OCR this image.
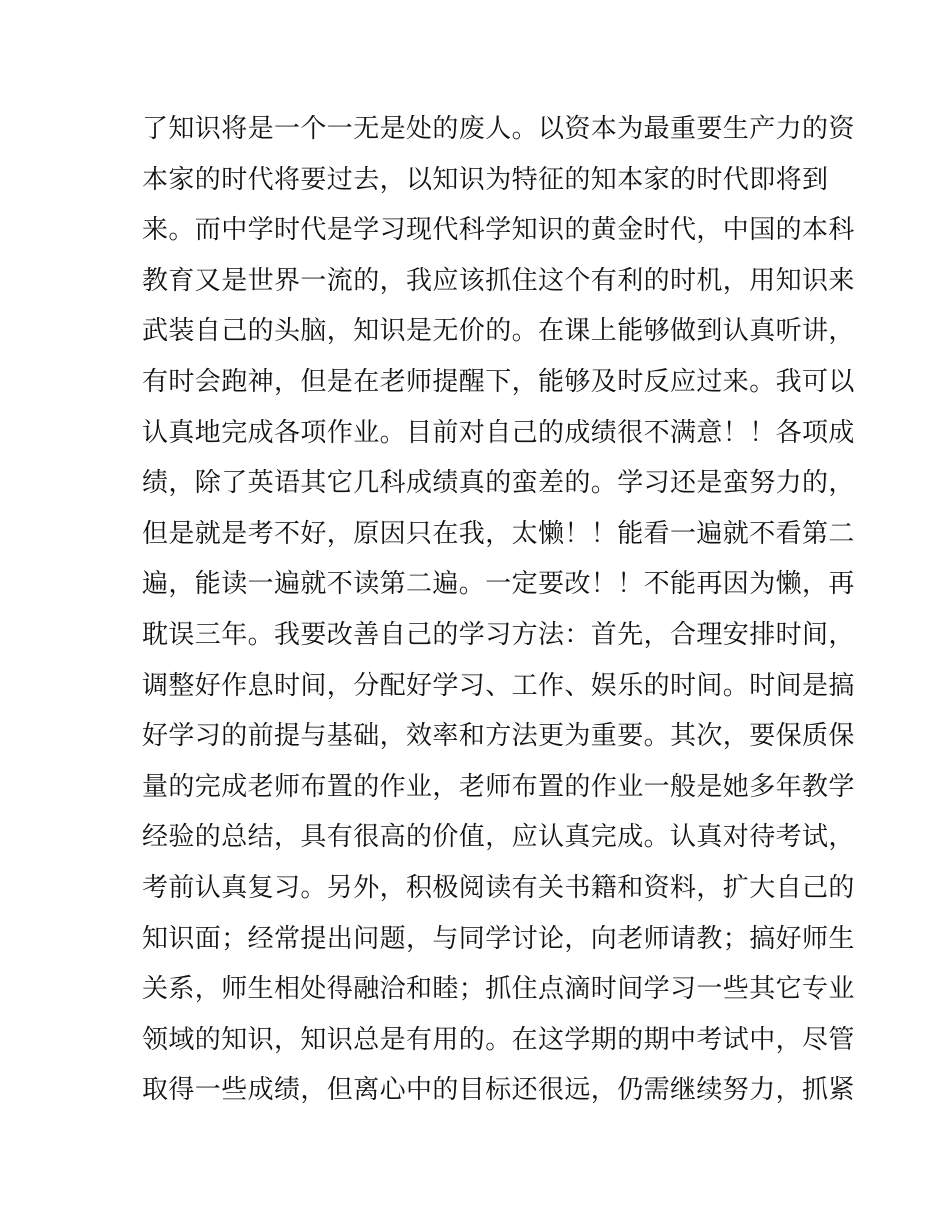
了知识将是一个一无是处的废人。以资本为最重要生产力的资
本家的时代将要过去，以知识为特征的知本家的时代即将到
来。而中学时代是学习现代科学知识的黄金时代，中国的本科
教育又是世界一流的，我应该抓住这个有利的时机，用知识来
武装自己的头脑，知识是无价的。在课上能够做到认真听讲，
有时会跑神，但是在老师提醒下，能够及时反应过来。我可以
认真地完成各项作业。目前对自己的成绩很不满意！！各项成
绩，除了英语其它几科成绩真的蛮差的。学习还是蛮努力的，
但是就是考不好，原因只在我，太懒！！能看一遍就不看第二
遍，能读一遍就不读第二遍。一定要改！！不能再因为懒，再
耽误三年。我要改善自己的学习方法：首先，合理安排时间，
调整好作息时间，分配好学习、工作、娱乐的时间。时间是搞
好学习的前提与基础，效率和方法更为重要。其次，要保质保
量的完成老师布置的作业，老师布置的作业一般是她多年教学
经验的总结，具有很高的价值，应认真完成。认真对待考试，
考前认真复习。另外，积极阅读有关书籍和资料，扩大自己的
知识面；经常提出问题，与同学讨论，向老师请教；搞好师生
关系，师生相处得融洽和睦；抓住点滴时间学习一些其它专业
领域的知识，知识总是有用的。在这学期的期中考试中，尽管
取得一些成绩，但离心中的目标还很远，仍需继续努力，抓紧
